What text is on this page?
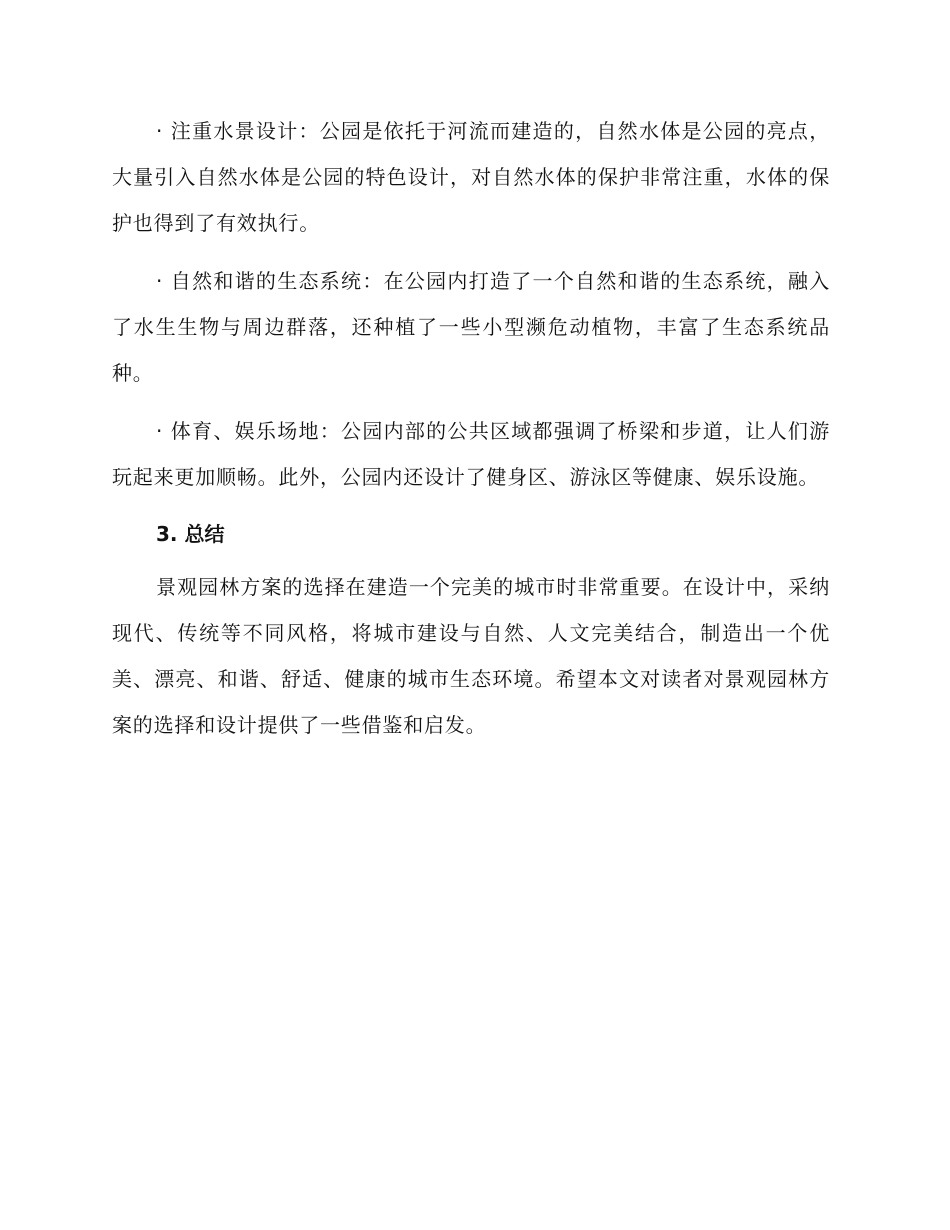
· 注重水景设计：公园是依托于河流而建造的，自然水体是公园的亮点，大量引入自然水体是公园的特色设计，对自然水体的保护非常注重，水体的保护也得到了有效执行。

· 自然和谐的生态系统：在公园内打造了一个自然和谐的生态系统，融入了水生生物与周边群落，还种植了一些小型濒危动植物，丰富了生态系统品种。

· 体育、娱乐场地：公园内部的公共区域都强调了桥梁和步道，让人们游玩起来更加顺畅。此外，公园内还设计了健身区、游泳区等健康、娱乐设施。

3. 总结

景观园林方案的选择在建造一个完美的城市时非常重要。在设计中，采纳现代、传统等不同风格，将城市建设与自然、人文完美结合，制造出一个优美、漂亮、和谐、舒适、健康的城市生态环境。希望本文对读者对景观园林方案的选择和设计提供了一些借鉴和启发。
